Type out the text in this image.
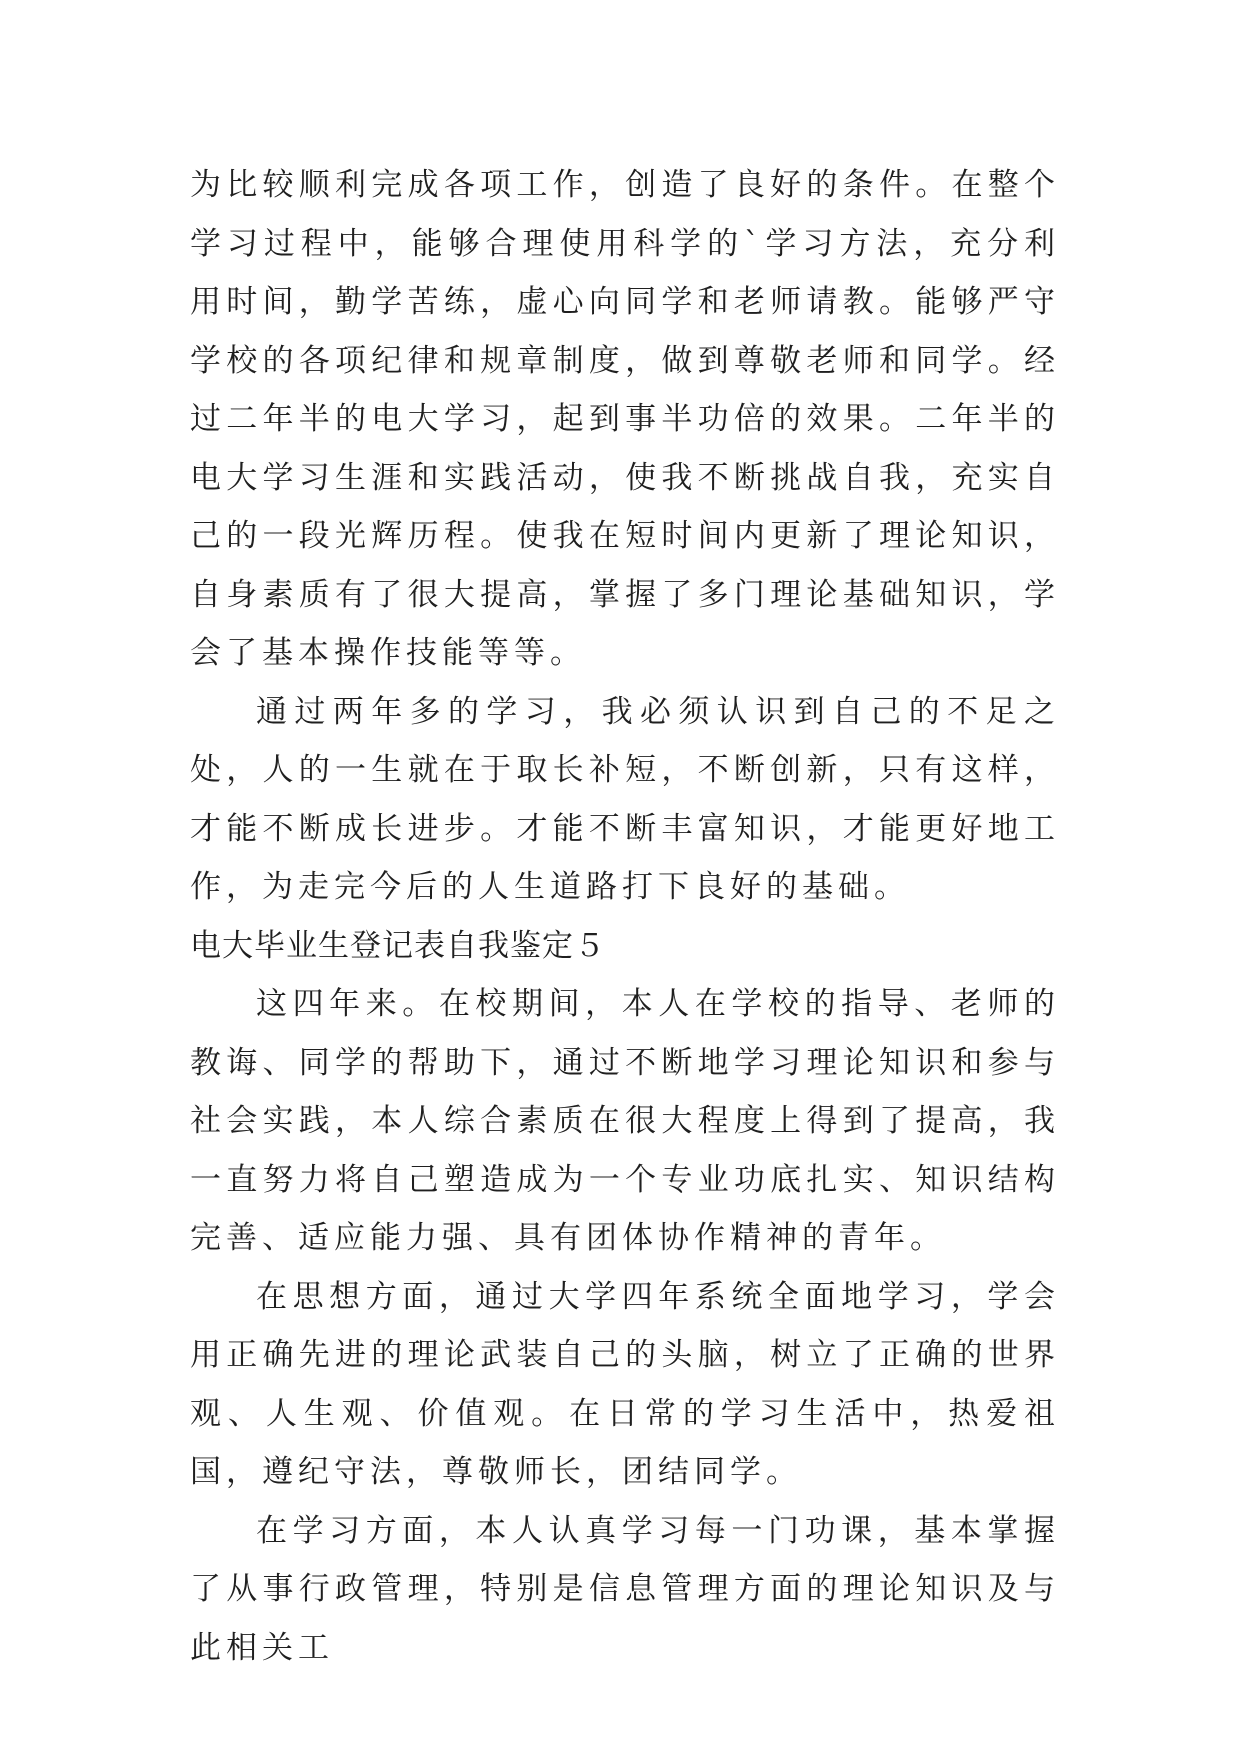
为比较顺利完成各项工作，创造了良好的条件。在整个学习过程中，能够合理使用科学的`学习方法，充分利用时间，勤学苦练，虚心向同学和老师请教。能够严守学校的各项纪律和规章制度，做到尊敬老师和同学。经过二年半的电大学习，起到事半功倍的效果。二年半的电大学习生涯和实践活动，使我不断挑战自我，充实自己的一段光辉历程。使我在短时间内更新了理论知识，自身素质有了很大提高，掌握了多门理论基础知识，学会了基本操作技能等等。

通过两年多的学习，我必须认识到自己的不足之处，人的一生就在于取长补短，不断创新，只有这样，才能不断成长进步。才能不断丰富知识，才能更好地工作，为走完今后的人生道路打下良好的基础。

电大毕业生登记表自我鉴定５

这四年来。在校期间，本人在学校的指导、老师的教诲、同学的帮助下，通过不断地学习理论知识和参与社会实践，本人综合素质在很大程度上得到了提高，我一直努力将自己塑造成为一个专业功底扎实、知识结构完善、适应能力强、具有团体协作精神的青年。

在思想方面，通过大学四年系统全面地学习，学会用正确先进的理论武装自己的头脑，树立了正确的世界观、人生观、价值观。在日常的学习生活中，热爱祖国，遵纪守法，尊敬师长，团结同学。

在学习方面，本人认真学习每一门功课，基本掌握了从事行政管理，特别是信息管理方面的理论知识及与此相关工
